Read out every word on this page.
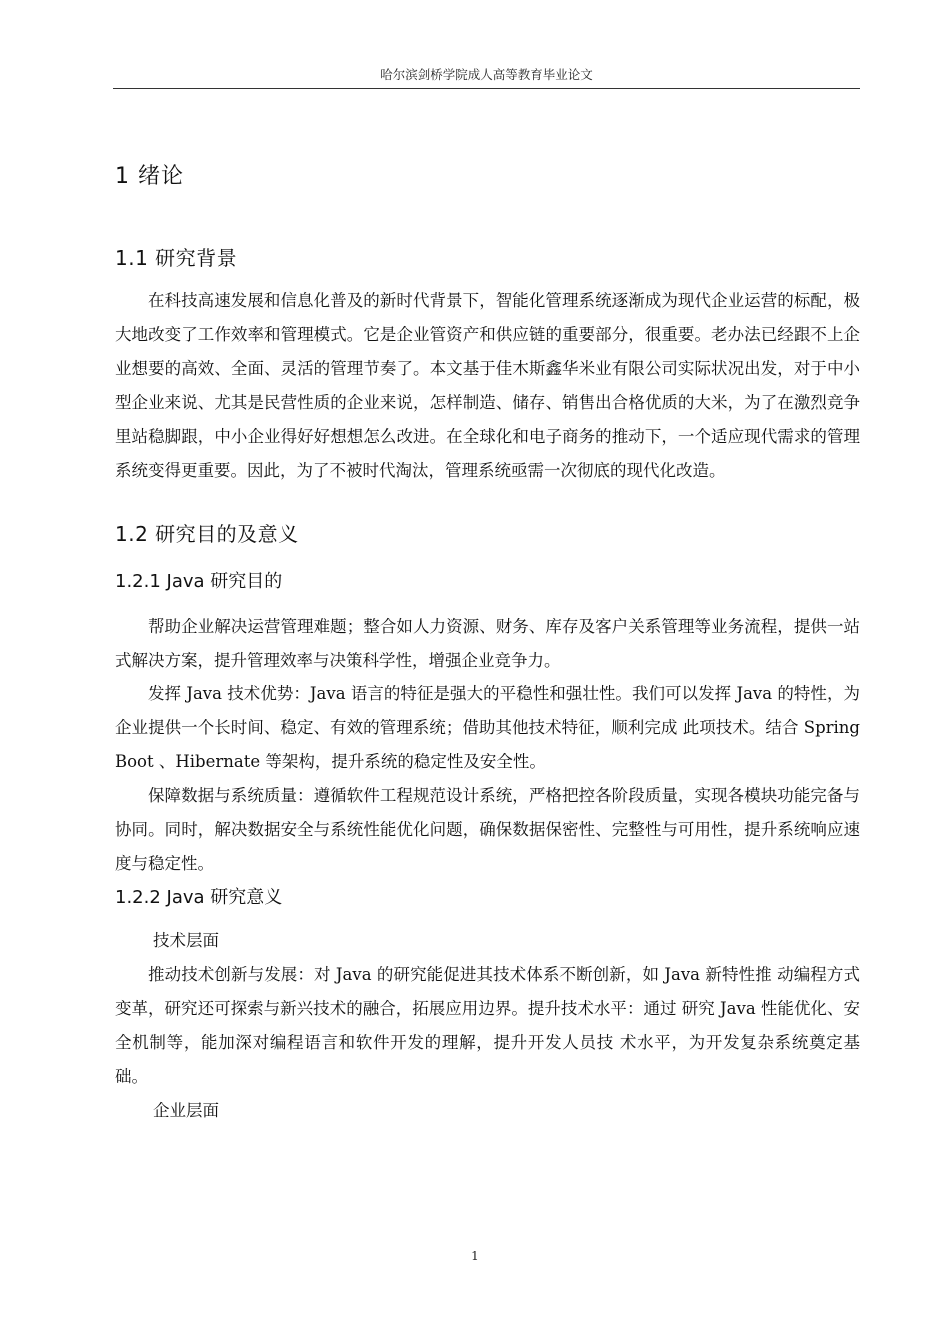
哈尔滨剑桥学院成人高等教育毕业论文
1 绪论
1.1 研究背景
在科技高速发展和信息化普及的新时代背景下，智能化管理系统逐渐成为现代企业运营的标配，极大地改变了工作效率和管理模式。它是企业管资产和供应链的重要部分，很重要。老办法已经跟不上企业想要的高效、全面、灵活的管理节奏了。本文基于佳木斯鑫华米业有限公司实际状况出发，对于中小型企业来说、尤其是民营性质的企业来说，怎样制造、储存、销售出合格优质的大米，为了在激烈竞争里站稳脚跟，中小企业得好好想想怎么改进。在全球化和电子商务的推动下，一个适应现代需求的管理系统变得更重要。因此，为了不被时代淘汰，管理系统亟需一次彻底的现代化改造。
1.2 研究目的及意义
1.2.1 Java 研究目的
帮助企业解决运营管理难题；整合如人力资源、财务、库存及客户关系管理等业务流程，提供一站式解决方案，提升管理效率与决策科学性，增强企业竞争力。
发挥 Java 技术优势：Java 语言的特征是强大的平稳性和强壮性。我们可以发挥 Java 的特性，为企业提供一个长时间、稳定、有效的管理系统；借助其他技术特征，顺利完成 此项技术。结合 Spring Boot 、Hibernate 等架构，提升系统的稳定性及安全性。
保障数据与系统质量：遵循软件工程规范设计系统，严格把控各阶段质量，实现各模块功能完备与协同。同时，解决数据安全与系统性能优化问题，确保数据保密性、完整性与可用性，提升系统响应速度与稳定性。
1.2.2 Java 研究意义
技术层面
推动技术创新与发展：对 Java 的研究能促进其技术体系不断创新，如 Java 新特性推 动编程方式变革，研究还可探索与新兴技术的融合，拓展应用边界。提升技术水平：通过 研究 Java 性能优化、安全机制等，能加深对编程语言和软件开发的理解，提升开发人员技 术水平，为开发复杂系统奠定基础。
企业层面
1
